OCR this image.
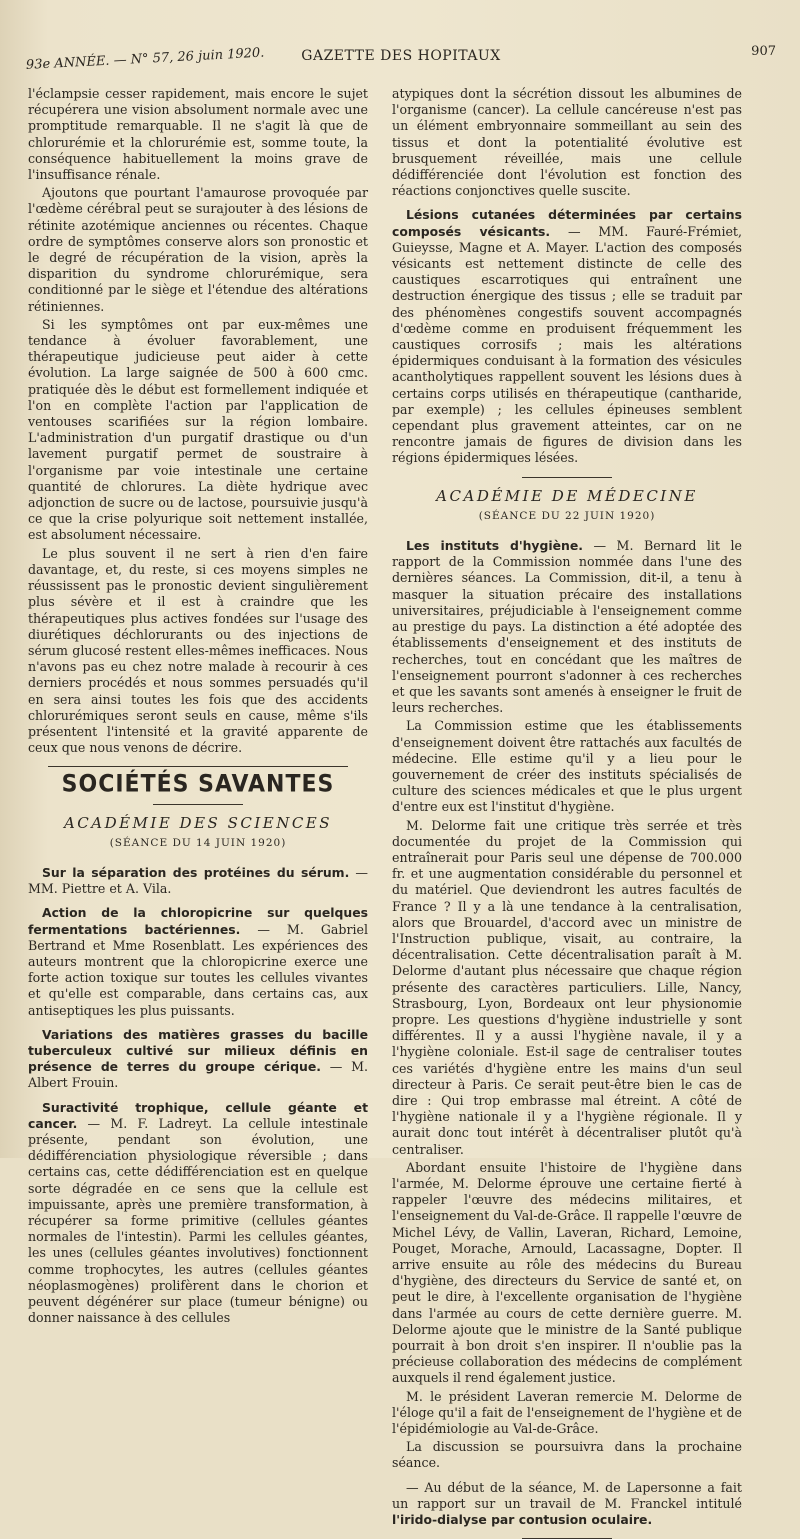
93e ANNÉE. — N° 57, 26 juin 1920.	GAZETTE DES HOPITAUX	907

l'éclampsie cesser rapidement, mais encore le sujet récupérera une vision absolument normale avec une promptitude remarquable. Il ne s'agit là que de chlorurémie et la chlorurémie est, somme toute, la conséquence habituellement la moins grave de l'insuffisance rénale.

Ajoutons que pourtant l'amaurose provoquée par l'œdème cérébral peut se surajouter à des lésions de rétinite azotémique anciennes ou récentes. Chaque ordre de symptômes conserve alors son pronostic et le degré de récupération de la vision, après la disparition du syndrome chlorurémique, sera conditionné par le siège et l'étendue des altérations rétiniennes.

Si les symptômes ont par eux-mêmes une tendance à évoluer favorablement, une thérapeutique judicieuse peut aider à cette évolution. La large saignée de 500 à 600 cmc. pratiquée dès le début est formellement indiquée et l'on en complète l'action par l'application de ventouses scarifiées sur la région lombaire. L'administration d'un purgatif drastique ou d'un lavement purgatif permet de soustraire à l'organisme par voie intestinale une certaine quantité de chlorures. La diète hydrique avec adjonction de sucre ou de lactose, poursuivie jusqu'à ce que la crise polyurique soit nettement installée, est absolument nécessaire.

Le plus souvent il ne sert à rien d'en faire davantage, et, du reste, si ces moyens simples ne réussissent pas le pronostic devient singulièrement plus sévère et il est à craindre que les thérapeutiques plus actives fondées sur l'usage des diurétiques déchlorurants ou des injections de sérum glucosé restent elles-mêmes inefficaces. Nous n'avons pas eu chez notre malade à recourir à ces derniers procédés et nous sommes persuadés qu'il en sera ainsi toutes les fois que des accidents chlorurémiques seront seuls en cause, même s'ils présentent l'intensité et la gravité apparente de ceux que nous venons de décrire.

SOCIÉTÉS SAVANTES
ACADÉMIE DES SCIENCES
(SÉANCE DU 14 JUIN 1920)

Sur la séparation des protéines du sérum. — MM. Piettre et A. Vila.

Action de la chloropicrine sur quelques fermentations bactériennes. — M. Gabriel Bertrand et Mme Rosenblatt. Les expériences des auteurs montrent que la chloropicrine exerce une forte action toxique sur toutes les cellules vivantes et qu'elle est comparable, dans certains cas, aux antiseptiques les plus puissants.

Variations des matières grasses du bacille tuberculeux cultivé sur milieux définis en présence de terres du groupe cérique. — M. Albert Frouin.

Suractivité trophique, cellule géante et cancer. — M. F. Ladreyt. La cellule intestinale présente, pendant son évolution, une dédifférenciation physiologique réversible ; dans certains cas, cette dédifférenciation est en quelque sorte dégradée en ce sens que la cellule est impuissante, après une première transformation, à récupérer sa forme primitive (cellules géantes normales de l'intestin). Parmi les cellules géantes, les unes (cellules géantes involutives) fonctionnent comme trophocytes, les autres (cellules géantes néoplasmogènes) prolifèrent dans le chorion et peuvent dégénérer sur place (tumeur bénigne) ou donner naissance à des cellules

atypiques dont la sécrétion dissout les albumines de l'organisme (cancer). La cellule cancéreuse n'est pas un élément embryonnaire sommeillant au sein des tissus et dont la potentialité évolutive est brusquement réveillée, mais une cellule dédifférenciée dont l'évolution est fonction des réactions conjonctives quelle suscite.

Lésions cutanées déterminées par certains composés vésicants. — MM. Fauré-Frémiet, Guieysse, Magne et A. Mayer. L'action des composés vésicants est nettement distincte de celle des caustiques escarrotiques qui entraînent une destruction énergique des tissus ; elle se traduit par des phénomènes congestifs souvent accompagnés d'œdème comme en produisent fréquemment les caustiques corrosifs ; mais les altérations épidermiques conduisant à la formation des vésicules acantholytiques rappellent souvent les lésions dues à certains corps utilisés en thérapeutique (cantharide, par exemple) ; les cellules épineuses semblent cependant plus gravement atteintes, car on ne rencontre jamais de figures de division dans les régions épidermiques lésées.

ACADÉMIE DE MÉDECINE
(SÉANCE DU 22 JUIN 1920)

Les instituts d'hygiène. — M. Bernard lit le rapport de la Commission nommée dans l'une des dernières séances. La Commission, dit-il, a tenu à masquer la situation précaire des installations universitaires, préjudiciable à l'enseignement comme au prestige du pays. La distinction a été adoptée des établissements d'enseignement et des instituts de recherches, tout en concédant que les maîtres de l'enseignement pourront s'adonner à ces recherches et que les savants sont amenés à enseigner le fruit de leurs recherches.

La Commission estime que les établissements d'enseignement doivent être rattachés aux facultés de médecine. Elle estime qu'il y a lieu pour le gouvernement de créer des instituts spécialisés de culture des sciences médicales et que le plus urgent d'entre eux est l'institut d'hygiène.

M. Delorme fait une critique très serrée et très documentée du projet de la Commission qui entraînerait pour Paris seul une dépense de 700.000 fr. et une augmentation considérable du personnel et du matériel. Que deviendront les autres facultés de France ? Il y a là une tendance à la centralisation, alors que Brouardel, d'accord avec un ministre de l'Instruction publique, visait, au contraire, la décentralisation. Cette décentralisation paraît à M. Delorme d'autant plus nécessaire que chaque région présente des caractères particuliers. Lille, Nancy, Strasbourg, Lyon, Bordeaux ont leur physionomie propre. Les questions d'hygiène industrielle y sont différentes. Il y a aussi l'hygiène navale, il y a l'hygiène coloniale. Est-il sage de centraliser toutes ces variétés d'hygiène entre les mains d'un seul directeur à Paris. Ce serait peut-être bien le cas de dire : Qui trop embrasse mal étreint. A côté de l'hygiène nationale il y a l'hygiène régionale. Il y aurait donc tout intérêt à décentraliser plutôt qu'à centraliser.

Abordant ensuite l'histoire de l'hygiène dans l'armée, M. Delorme éprouve une certaine fierté à rappeler l'œuvre des médecins militaires, et l'enseignement du Val-de-Grâce. Il rappelle l'œuvre de Michel Lévy, de Vallin, Laveran, Richard, Lemoine, Pouget, Morache, Arnould, Lacassagne, Dopter. Il arrive ensuite au rôle des médecins du Bureau d'hygiène, des directeurs du Service de santé et, on peut le dire, à l'excellente organisation de l'hygiène dans l'armée au cours de cette dernière guerre. M. Delorme ajoute que le ministre de la Santé publique pourrait à bon droit s'en inspirer. Il n'oublie pas la précieuse collaboration des médecins de complément auxquels il rend également justice.

M. le président Laveran remercie M. Delorme de l'éloge qu'il a fait de l'enseignement de l'hygiène et de l'épidémiologie au Val-de-Grâce.

La discussion se poursuivra dans la prochaine séance.

— Au début de la séance, M. de Lapersonne a fait un rapport sur un travail de M. Franckel intitulé l'irido-dialyse par contusion oculaire.
